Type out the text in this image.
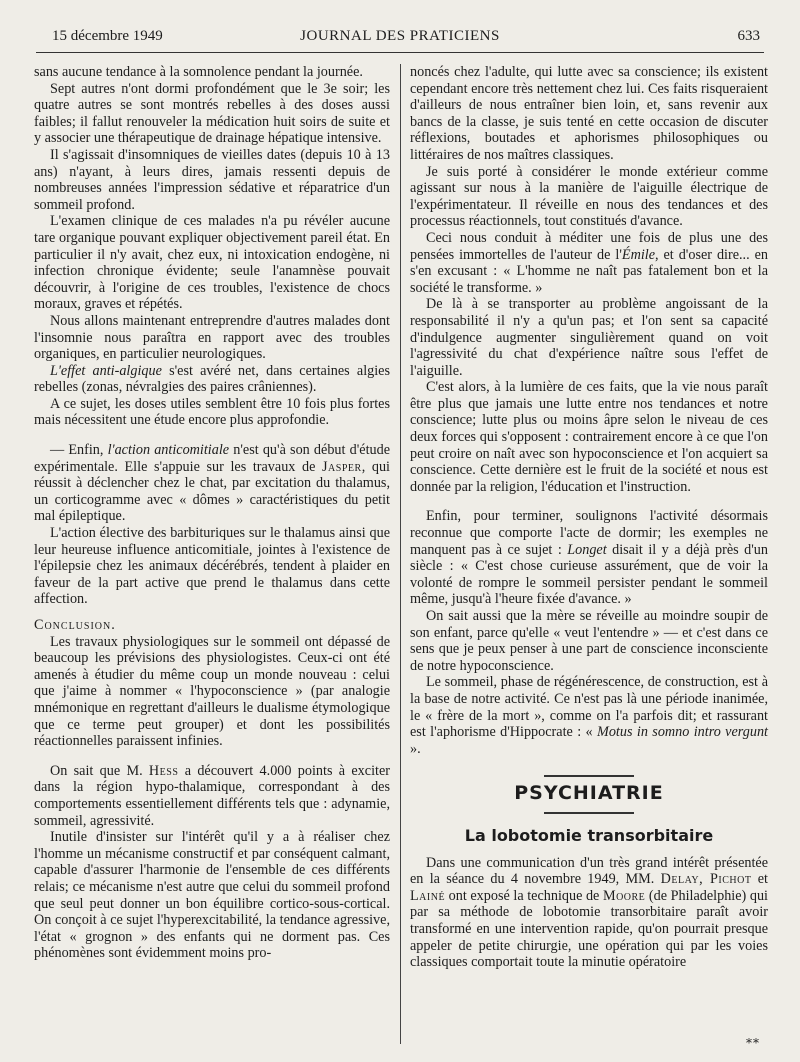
15 décembre 1949	JOURNAL DES PRATICIENS	633

sans aucune tendance à la somnolence pendant la journée.

Sept autres n'ont dormi profondément que le 3e soir; les quatre autres se sont montrés rebelles à des doses aussi faibles; il fallut renouveler la médication huit soirs de suite et y associer une thérapeutique de drainage hépatique intensive.

Il s'agissait d'insomniques de vieilles dates (depuis 10 à 13 ans) n'ayant, à leurs dires, jamais ressenti depuis de nombreuses années l'impression sédative et réparatrice d'un sommeil profond.

L'examen clinique de ces malades n'a pu révéler aucune tare organique pouvant expliquer objectivement pareil état. En particulier il n'y avait, chez eux, ni intoxication endogène, ni infection chronique évidente; seule l'anamnèse pouvait découvrir, à l'origine de ces troubles, l'existence de chocs moraux, graves et répétés.

Nous allons maintenant entreprendre d'autres malades dont l'insomnie nous paraîtra en rapport avec des troubles organiques, en particulier neurologiques.

L'effet anti-algique s'est avéré net, dans certaines algies rebelles (zonas, névralgies des paires crâniennes).

A ce sujet, les doses utiles semblent être 10 fois plus fortes mais nécessitent une étude encore plus approfondie.

— Enfin, l'action anticomitiale n'est qu'à son début d'étude expérimentale. Elle s'appuie sur les travaux de Jasper, qui réussit à déclencher chez le chat, par excitation du thalamus, un corticogramme avec « dômes » caractéristiques du petit mal épileptique.

L'action élective des barbituriques sur le thalamus ainsi que leur heureuse influence anticomitiale, jointes à l'existence de l'épilepsie chez les animaux décérébrés, tendent à plaider en faveur de la part active que prend le thalamus dans cette affection.

Conclusion.

Les travaux physiologiques sur le sommeil ont dépassé de beaucoup les prévisions des physiologistes. Ceux-ci ont été amenés à étudier du même coup un monde nouveau : celui que j'aime à nommer « l'hypoconscience » (par analogie mnémonique en regrettant d'ailleurs le dualisme étymologique que ce terme peut grouper) et dont les possibilités réactionnelles paraissent infinies.

On sait que M. Hess a découvert 4.000 points à exciter dans la région hypo-thalamique, correspondant à des comportements essentiellement différents tels que : adynamie, sommeil, agressivité.

Inutile d'insister sur l'intérêt qu'il y a à réaliser chez l'homme un mécanisme constructif et par conséquent calmant, capable d'assurer l'harmonie de l'ensemble de ces différents relais; ce mécanisme n'est autre que celui du sommeil profond que seul peut donner un bon équilibre cortico-sous-cortical. On conçoit à ce sujet l'hyperexcitabilité, la tendance agressive, l'état « grognon » des enfants qui ne dorment pas. Ces phénomènes sont évidemment moins pro-

noncés chez l'adulte, qui lutte avec sa conscience; ils existent cependant encore très nettement chez lui. Ces faits risqueraient d'ailleurs de nous entraîner bien loin, et, sans revenir aux bancs de la classe, je suis tenté en cette occasion de discuter réflexions, boutades et aphorismes philosophiques ou littéraires de nos maîtres classiques.

Je suis porté à considérer le monde extérieur comme agissant sur nous à la manière de l'aiguille électrique de l'expérimentateur. Il réveille en nous des tendances et des processus réactionnels, tout constitués d'avance.

Ceci nous conduit à méditer une fois de plus une des pensées immortelles de l'auteur de l'Émile, et d'oser dire... en s'en excusant : « L'homme ne naît pas fatalement bon et la société le transforme. »

De là à se transporter au problème angoissant de la responsabilité il n'y a qu'un pas; et l'on sent sa capacité d'indulgence augmenter singulièrement quand on voit l'agressivité du chat d'expérience naître sous l'effet de l'aiguille.

C'est alors, à la lumière de ces faits, que la vie nous paraît être plus que jamais une lutte entre nos tendances et notre conscience; lutte plus ou moins âpre selon le niveau de ces deux forces qui s'opposent : contrairement encore à ce que l'on peut croire on naît avec son hypoconscience et l'on acquiert sa conscience. Cette dernière est le fruit de la société et nous est donnée par la religion, l'éducation et l'instruction.

Enfin, pour terminer, soulignons l'activité désormais reconnue que comporte l'acte de dormir; les exemples ne manquent pas à ce sujet : Longet disait il y a déjà près d'un siècle : « C'est chose curieuse assurément, que de voir la volonté de rompre le sommeil persister pendant le sommeil même, jusqu'à l'heure fixée d'avance. »

On sait aussi que la mère se réveille au moindre soupir de son enfant, parce qu'elle « veut l'entendre » — et c'est dans ce sens que je peux penser à une part de conscience inconsciente de notre hypoconscience.

Le sommeil, phase de régénérescence, de construction, est à la base de notre activité. Ce n'est pas là une période inanimée, le « frère de la mort », comme on l'a parfois dit; et rassurant est l'aphorisme d'Hippocrate : « Motus in somno intro vergunt ».

PSYCHIATRIE
La lobotomie transorbitaire

Dans une communication d'un très grand intérêt présentée en la séance du 4 novembre 1949, MM. Delay, Pichot et Lainé ont exposé la technique de Moore (de Philadelphie) qui par sa méthode de lobotomie transorbitaire paraît avoir transformé en une intervention rapide, qu'on pourrait presque appeler de petite chirurgie, une opération qui par les voies classiques comportait toute la minutie opératoire

**
